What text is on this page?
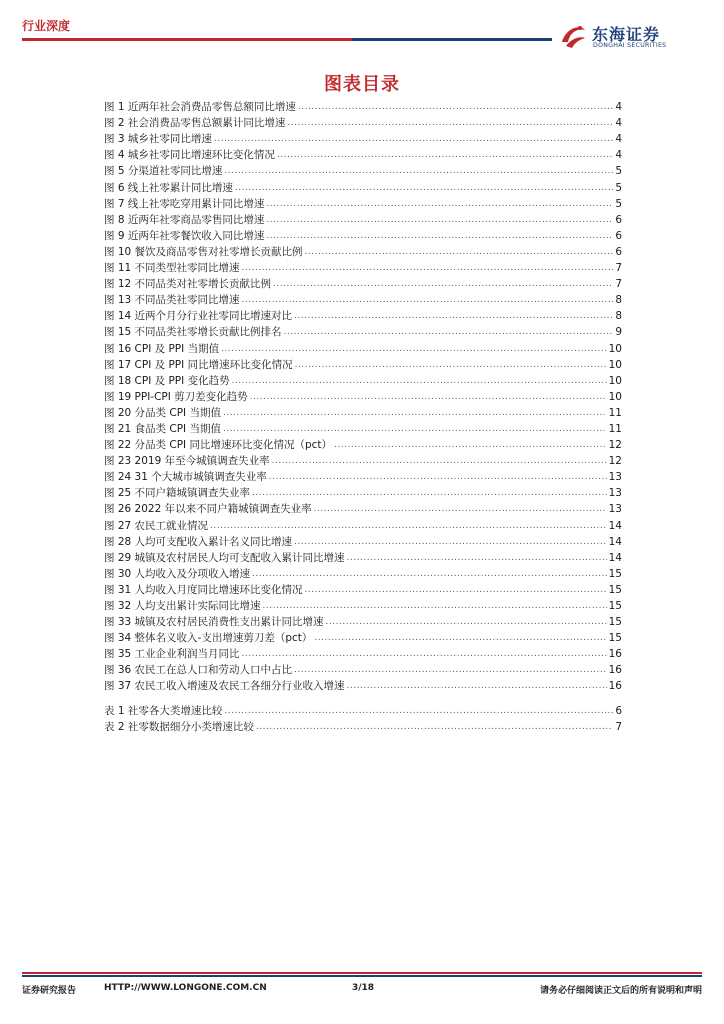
行业深度	东海证券
DONGHAI SECURITIES
图表目录
图 1 近两年社会消费品零售总额同比增速 .....	4
图 2 社会消费品零售总额累计同比增速 .....	4
图 3 城乡社零同比增速 .....	4
图 4 城乡社零同比增速环比变化情况 .....	4
图 5 分渠道社零同比增速 .....	5
图 6 线上社零累计同比增速 .....	5
图 7 线上社零吃穿用累计同比增速 .....	5
图 8 近两年社零商品零售同比增速 .....	6
图 9 近两年社零餐饮收入同比增速 .....	6
图 10 餐饮及商品零售对社零增长贡献比例 .....	6
图 11 不同类型社零同比增速 .....	7
图 12 不同品类对社零增长贡献比例 .....	7
图 13 不同品类社零同比增速 .....	8
图 14 近两个月分行业社零同比增速对比 .....	8
图 15 不同品类社零增长贡献比例排名 .....	9
图 16 CPI 及 PPI 当期值 .....	10
图 17 CPI 及 PPI 同比增速环比变化情况 .....	10
图 18 CPI 及 PPI 变化趋势 .....	10
图 19 PPI-CPI 剪刀差变化趋势 .....	10
图 20 分品类 CPI 当期值 .....	11
图 21 食品类 CPI 当期值 .....	11
图 22 分品类 CPI 同比增速环比变化情况（pct） .....	12
图 23 2019 年至今城镇调查失业率 .....	12
图 24 31 个大城市城镇调查失业率 .....	13
图 25 不同户籍城镇调查失业率 .....	13
图 26 2022 年以来不同户籍城镇调查失业率 .....	13
图 27 农民工就业情况 .....	14
图 28 人均可支配收入累计名义同比增速 .....	14
图 29 城镇及农村居民人均可支配收入累计同比增速 .....	14
图 30 人均收入及分项收入增速 .....	15
图 31 人均收入月度同比增速环比变化情况 .....	15
图 32 人均支出累计实际同比增速 .....	15
图 33 城镇及农村居民消费性支出累计同比增速 .....	15
图 34 整体名义收入-支出增速剪刀差（pct） .....	15
图 35 工业企业利润当月同比 .....	16
图 36 农民工在总人口和劳动人口中占比 .....	16
图 37 农民工收入增速及农民工各细分行业收入增速 .....	16
表 1 社零各大类增速比较 .....	6
表 2 社零数据细分小类增速比较 .....	7
证券研究报告	HTTP://WWW.LONGONE.COM.CN	3/18	请务必仔细阅读正文后的所有说明和声明
